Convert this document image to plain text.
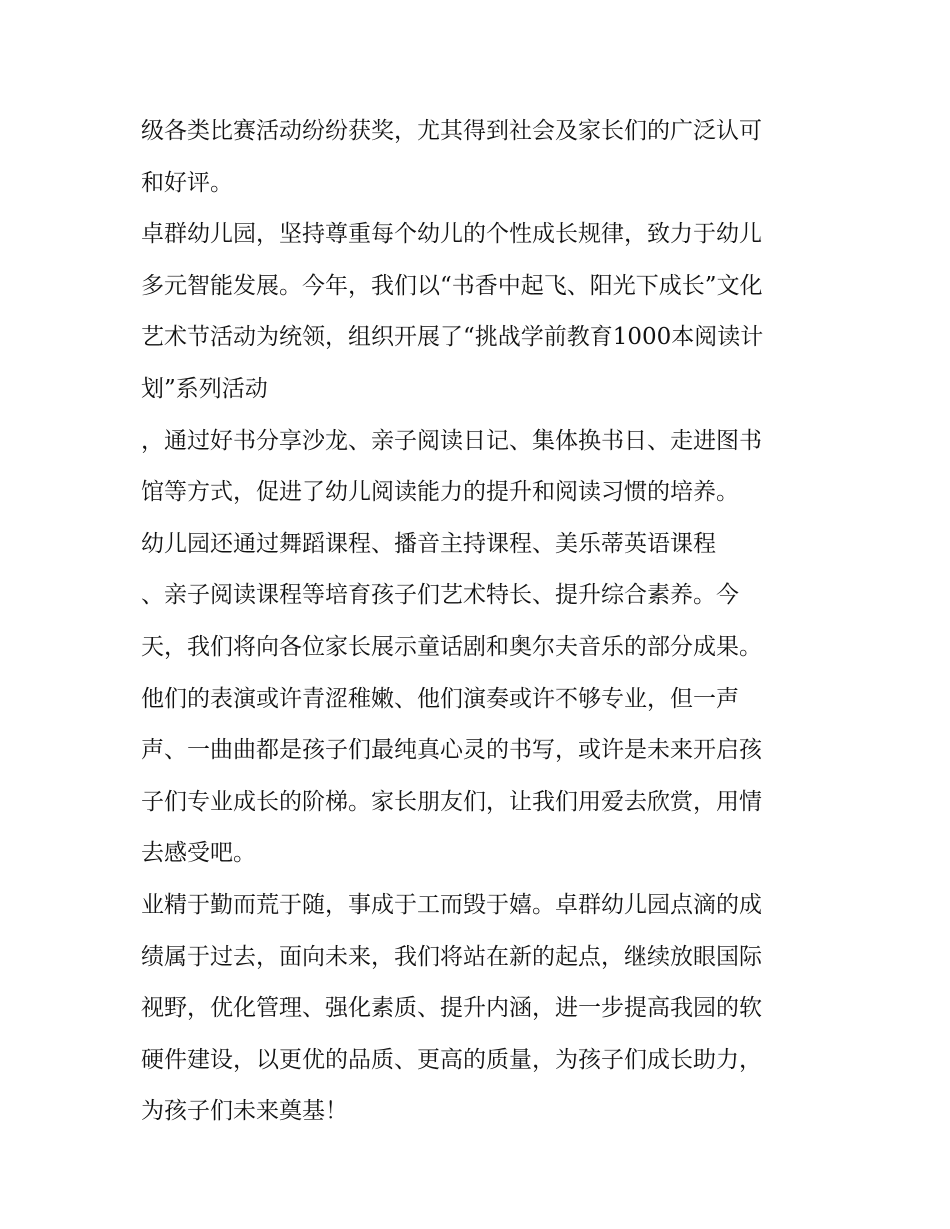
级各类比赛活动纷纷获奖，尤其得到社会及家长们的广泛认可
和好评。
卓群幼儿园，坚持尊重每个幼儿的个性成长规律，致力于幼儿
多元智能发展。今年，我们以“书香中起飞、阳光下成长”文化
艺术节活动为统领，组织开展了“挑战学前教育1000本阅读计
划”系列活动
，通过好书分享沙龙、亲子阅读日记、集体换书日、走进图书
馆等方式，促进了幼儿阅读能力的提升和阅读习惯的培养。
幼儿园还通过舞蹈课程、播音主持课程、美乐蒂英语课程
、亲子阅读课程等培育孩子们艺术特长、提升综合素养。今
天，我们将向各位家长展示童话剧和奥尔夫音乐的部分成果。
他们的表演或许青涩稚嫩、他们演奏或许不够专业，但一声
声、一曲曲都是孩子们最纯真心灵的书写，或许是未来开启孩
子们专业成长的阶梯。家长朋友们，让我们用爱去欣赏，用情
去感受吧。
业精于勤而荒于随，事成于工而毁于嬉。卓群幼儿园点滴的成
绩属于过去，面向未来，我们将站在新的起点，继续放眼国际
视野，优化管理、强化素质、提升内涵，进一步提高我园的软
硬件建设，以更优的品质、更高的质量，为孩子们成长助力，
为孩子们未来奠基！
